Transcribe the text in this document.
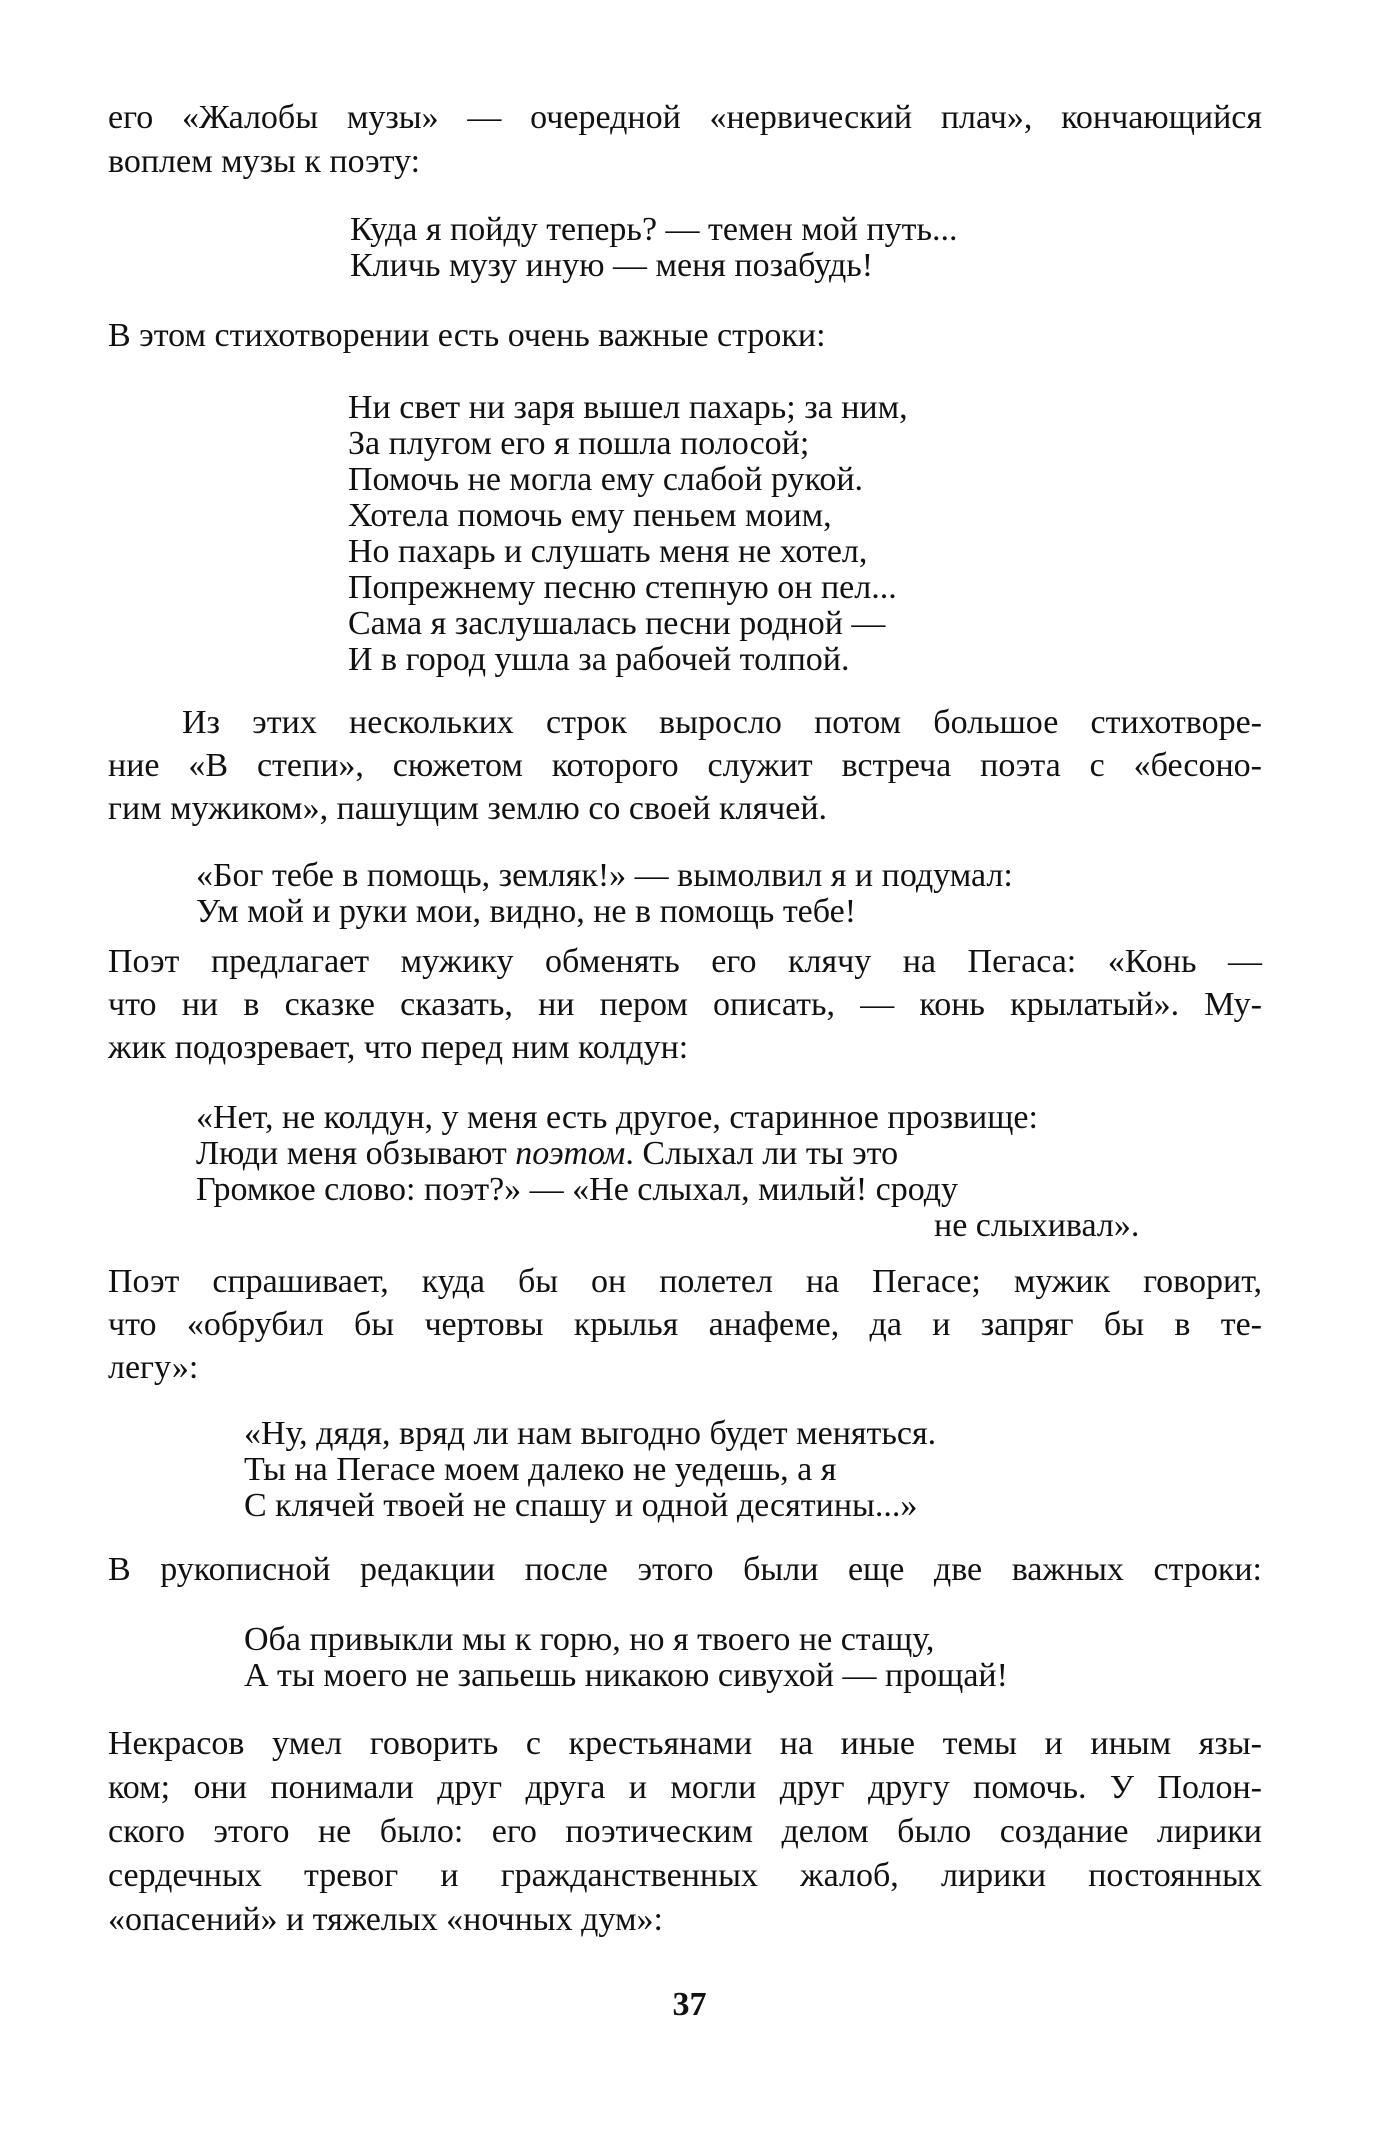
его «Жалобы музы» — очередной «нервический плач», кончающийся
воплем музы к поэту:
Куда я пойду теперь? — темен мой путь...
Кличь музу иную — меня позабудь!
В этом стихотворении есть очень важные строки:
Ни свет ни заря вышел пахарь; за ним,
За плугом его я пошла полосой;
Помочь не могла ему слабой рукой.
Хотела помочь ему пеньем моим,
Но пахарь и слушать меня не хотел,
Попрежнему песню степную он пел...
Сама я заслушалась песни родной —
И в город ушла за рабочей толпой.
Из этих нескольких строк выросло потом большое стихотворе-
ние «В степи», сюжетом которого служит встреча поэта с «бесоно-
гим мужиком», пашущим землю со своей клячей.
«Бог тебе в помощь, земляк!» — вымолвил я и подумал:
Ум мой и руки мои, видно, не в помощь тебе!
Поэт предлагает мужику обменять его клячу на Пегаса: «Конь —
что ни в сказке сказать, ни пером описать, — конь крылатый». Му-
жик подозревает, что перед ним колдун:
«Нет, не колдун, у меня есть другое, старинное прозвище:
Люди меня обзывают поэтом. Слыхал ли ты это
Громкое слово: поэт?» — «Не слыхал, милый! сроду
не слыхивал».
Поэт спрашивает, куда бы он полетел на Пегасе; мужик говорит,
что «обрубил бы чертовы крылья анафеме, да и запряг бы в те-
легу»:
«Ну, дядя, вряд ли нам выгодно будет меняться.
Ты на Пегасе моем далеко не уедешь, а я
С клячей твоей не спашу и одной десятины...»
В рукописной редакции после этого были еще две важных строки:
Оба привыкли мы к горю, но я твоего не стащу,
А ты моего не запьешь никакою сивухой — прощай!
Некрасов умел говорить с крестьянами на иные темы и иным язы-
ком; они понимали друг друга и могли друг другу помочь. У Полон-
ского этого не было: его поэтическим делом было создание лирики
сердечных тревог и гражданственных жалоб, лирики постоянных
«опасений» и тяжелых «ночных дум»:
37
